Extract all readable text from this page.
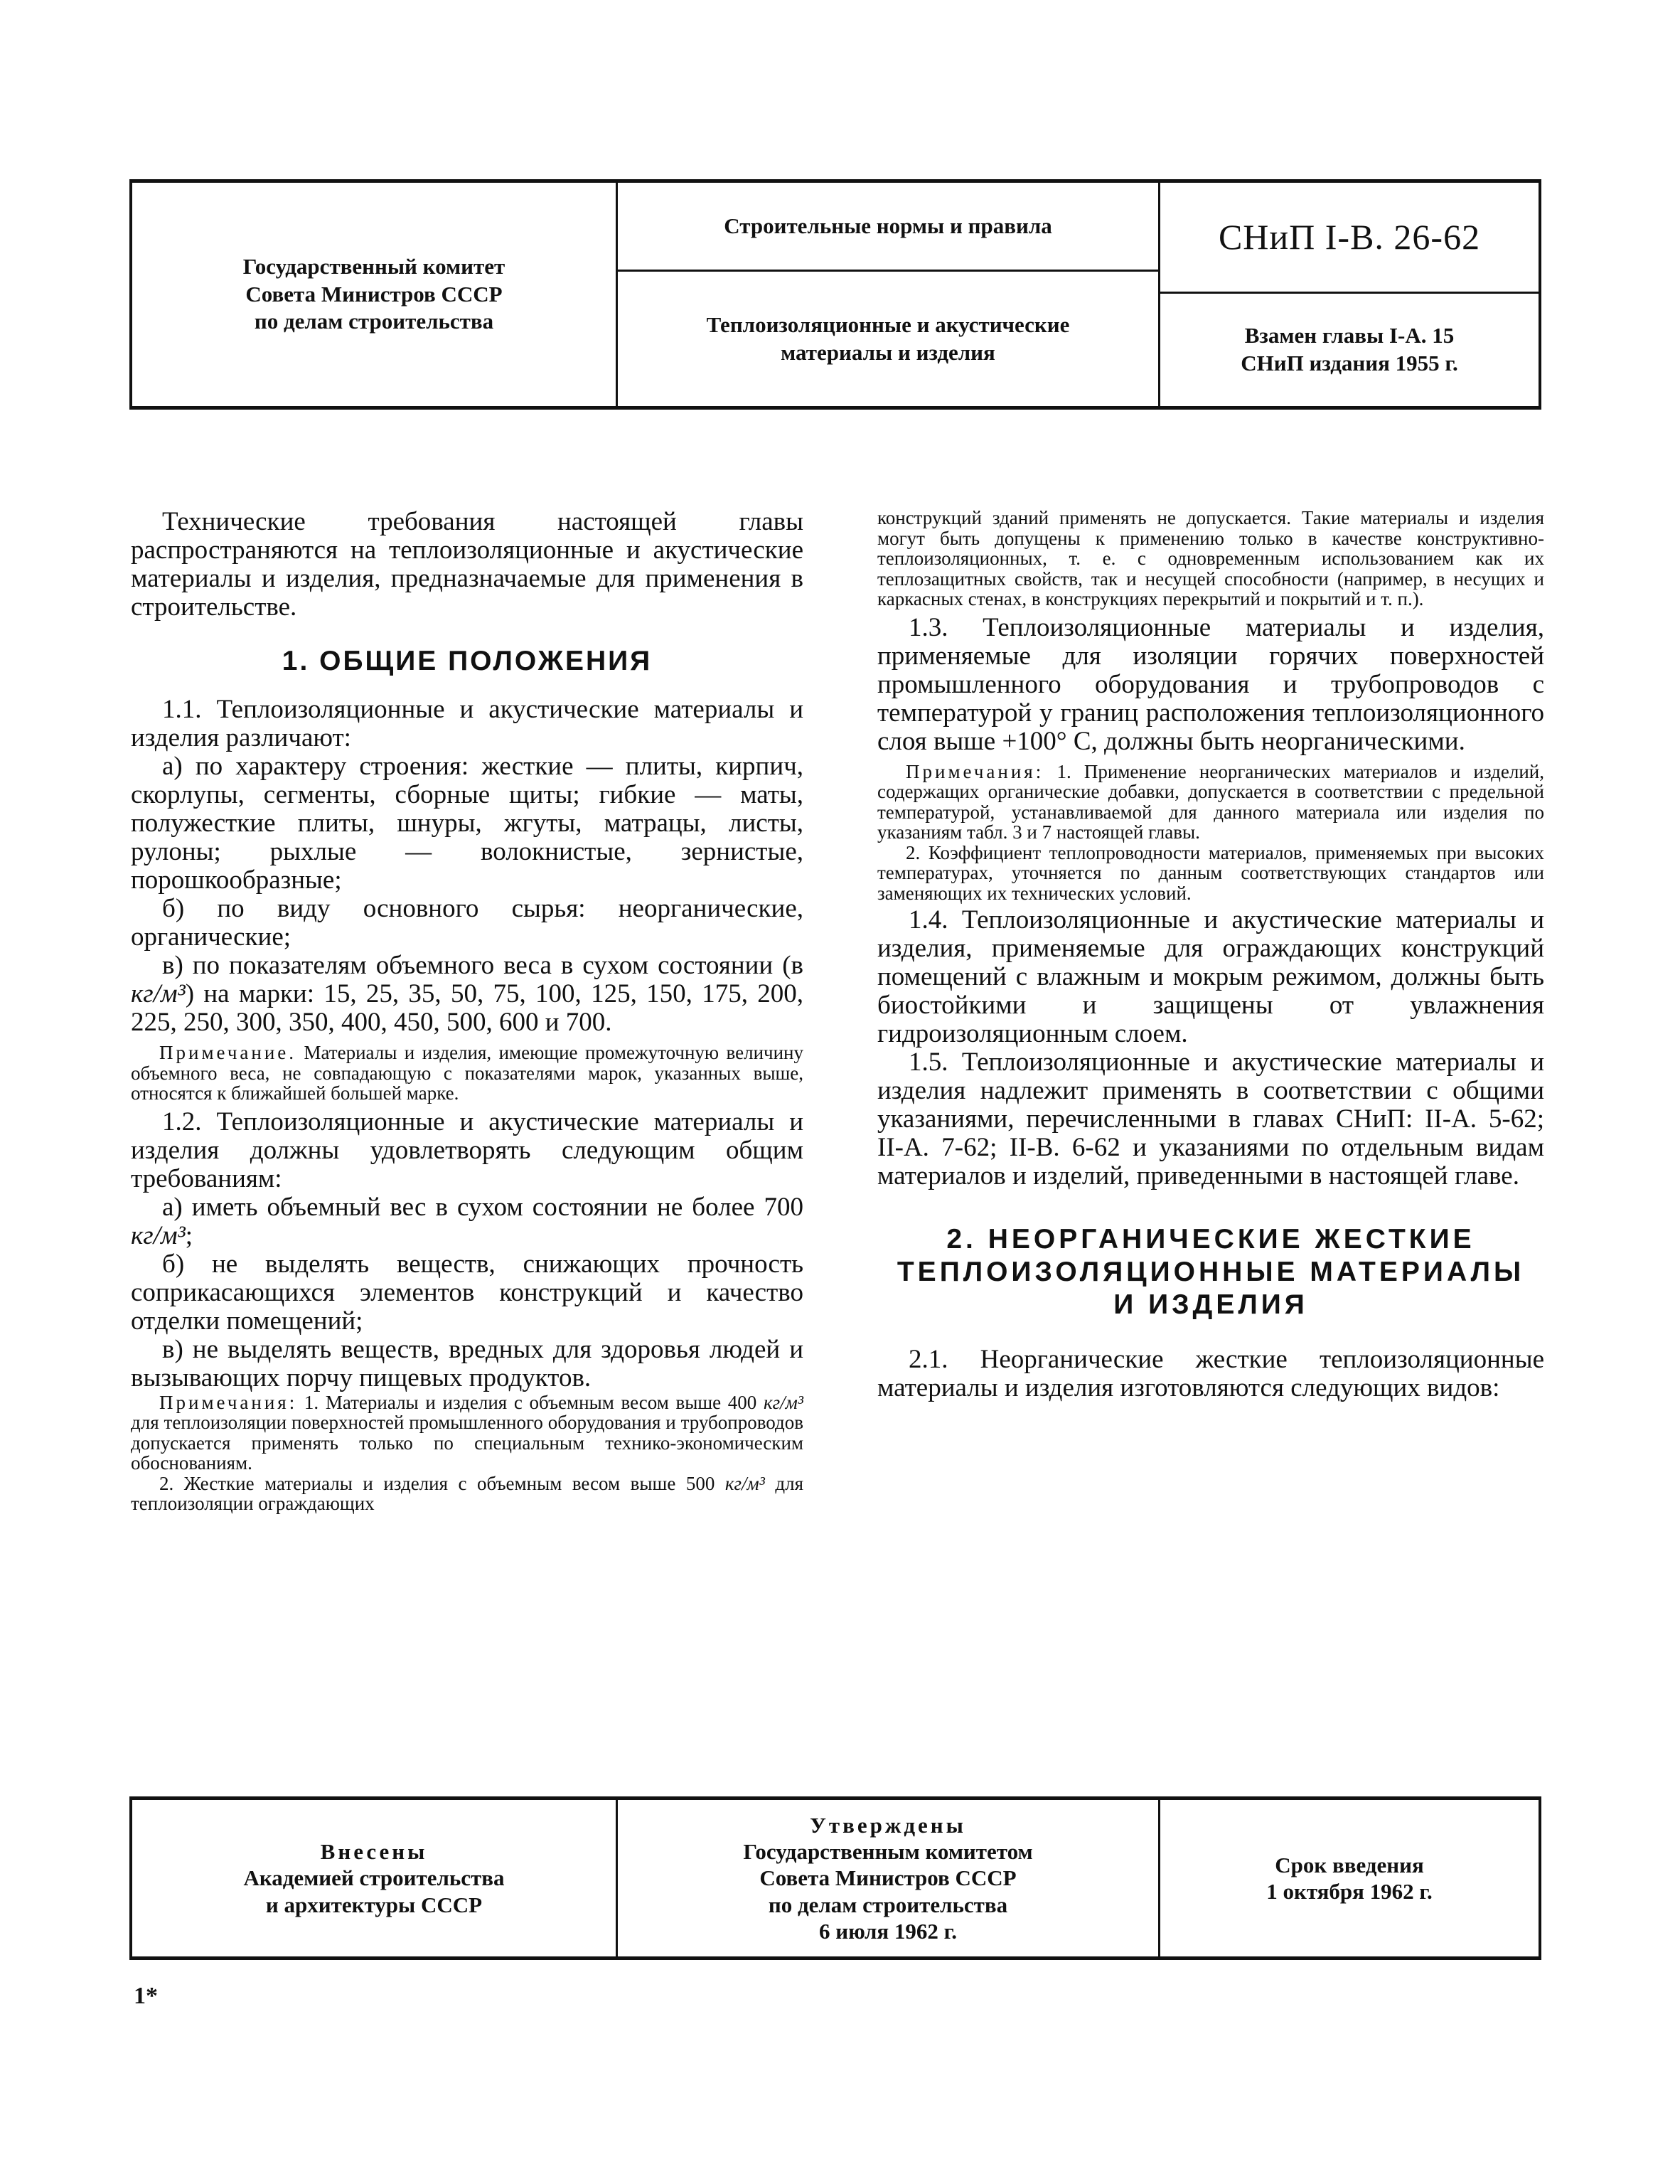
Государственный комитет
Совета Министров СССР
по делам строительства
Строительные нормы и правила
Теплоизоляционные и акустические
материалы и изделия
СНиП I-В. 26-62
Взамен главы I-А. 15
СНиП издания 1955 г.

Технические требования настоящей главы распространяются на теплоизоляционные и акустические материалы и изделия, предназначаемые для применения в строительстве.

1. ОБЩИЕ ПОЛОЖЕНИЯ

1.1. Теплоизоляционные и акустические материалы и изделия различают:

а) по характеру строения: жесткие — плиты, кирпич, скорлупы, сегменты, сборные щиты; гибкие — маты, полужесткие плиты, шнуры, жгуты, матрацы, листы, рулоны; рыхлые — волокнистые, зернистые, порошкообразные;

б) по виду основного сырья: неорганические, органические;

в) по показателям объемного веса в сухом состоянии (в кг/м³) на марки: 15, 25, 35, 50, 75, 100, 125, 150, 175, 200, 225, 250, 300, 350, 400, 450, 500, 600 и 700.

Примечание. Материалы и изделия, имеющие промежуточную величину объемного веса, не совпадающую с показателями марок, указанных выше, относятся к ближайшей большей марке.

1.2. Теплоизоляционные и акустические материалы и изделия должны удовлетворять следующим общим требованиям:

а) иметь объемный вес в сухом состоянии не более 700 кг/м³;

б) не выделять веществ, снижающих прочность соприкасающихся элементов конструкций и качество отделки помещений;

в) не выделять веществ, вредных для здоровья людей и вызывающих порчу пищевых продуктов.

Примечания: 1. Материалы и изделия с объемным весом выше 400 кг/м³ для теплоизоляции поверхностей промышленного оборудования и трубопроводов допускается применять только по специальным технико-экономическим обоснованиям.

2. Жесткие материалы и изделия с объемным весом выше 500 кг/м³ для теплоизоляции ограждающих

конструкций зданий применять не допускается. Такие материалы и изделия могут быть допущены к применению только в качестве конструктивно-теплоизоляционных, т. е. с одновременным использованием как их теплозащитных свойств, так и несущей способности (например, в несущих и каркасных стенах, в конструкциях перекрытий и покрытий и т. п.).

1.3. Теплоизоляционные материалы и изделия, применяемые для изоляции горячих поверхностей промышленного оборудования и трубопроводов с температурой у границ расположения теплоизоляционного слоя выше +100° С, должны быть неорганическими.

Примечания: 1. Применение неорганических материалов и изделий, содержащих органические добавки, допускается в соответствии с предельной температурой, устанавливаемой для данного материала или изделия по указаниям табл. 3 и 7 настоящей главы.

2. Коэффициент теплопроводности материалов, применяемых при высоких температурах, уточняется по данным соответствующих стандартов или заменяющих их технических условий.

1.4. Теплоизоляционные и акустические материалы и изделия, применяемые для ограждающих конструкций помещений с влажным и мокрым режимом, должны быть биостойкими и защищены от увлажнения гидроизоляционным слоем.

1.5. Теплоизоляционные и акустические материалы и изделия надлежит применять в соответствии с общими указаниями, перечисленными в главах СНиП: II-А. 5-62; II-А. 7-62; II-В. 6-62 и указаниями по отдельным видам материалов и изделий, приведенными в настоящей главе.

2. НЕОРГАНИЧЕСКИЕ ЖЕСТКИЕ
ТЕПЛОИЗОЛЯЦИОННЫЕ МАТЕРИАЛЫ
И ИЗДЕЛИЯ

2.1. Неорганические жесткие теплоизоляционные материалы и изделия изготовляются следующих видов:

Внесены
Академией строительства
и архитектуры СССР
Утверждены
Государственным комитетом
Совета Министров СССР
по делам строительства
6 июля 1962 г.
Срок введения
1 октября 1962 г.
1*
